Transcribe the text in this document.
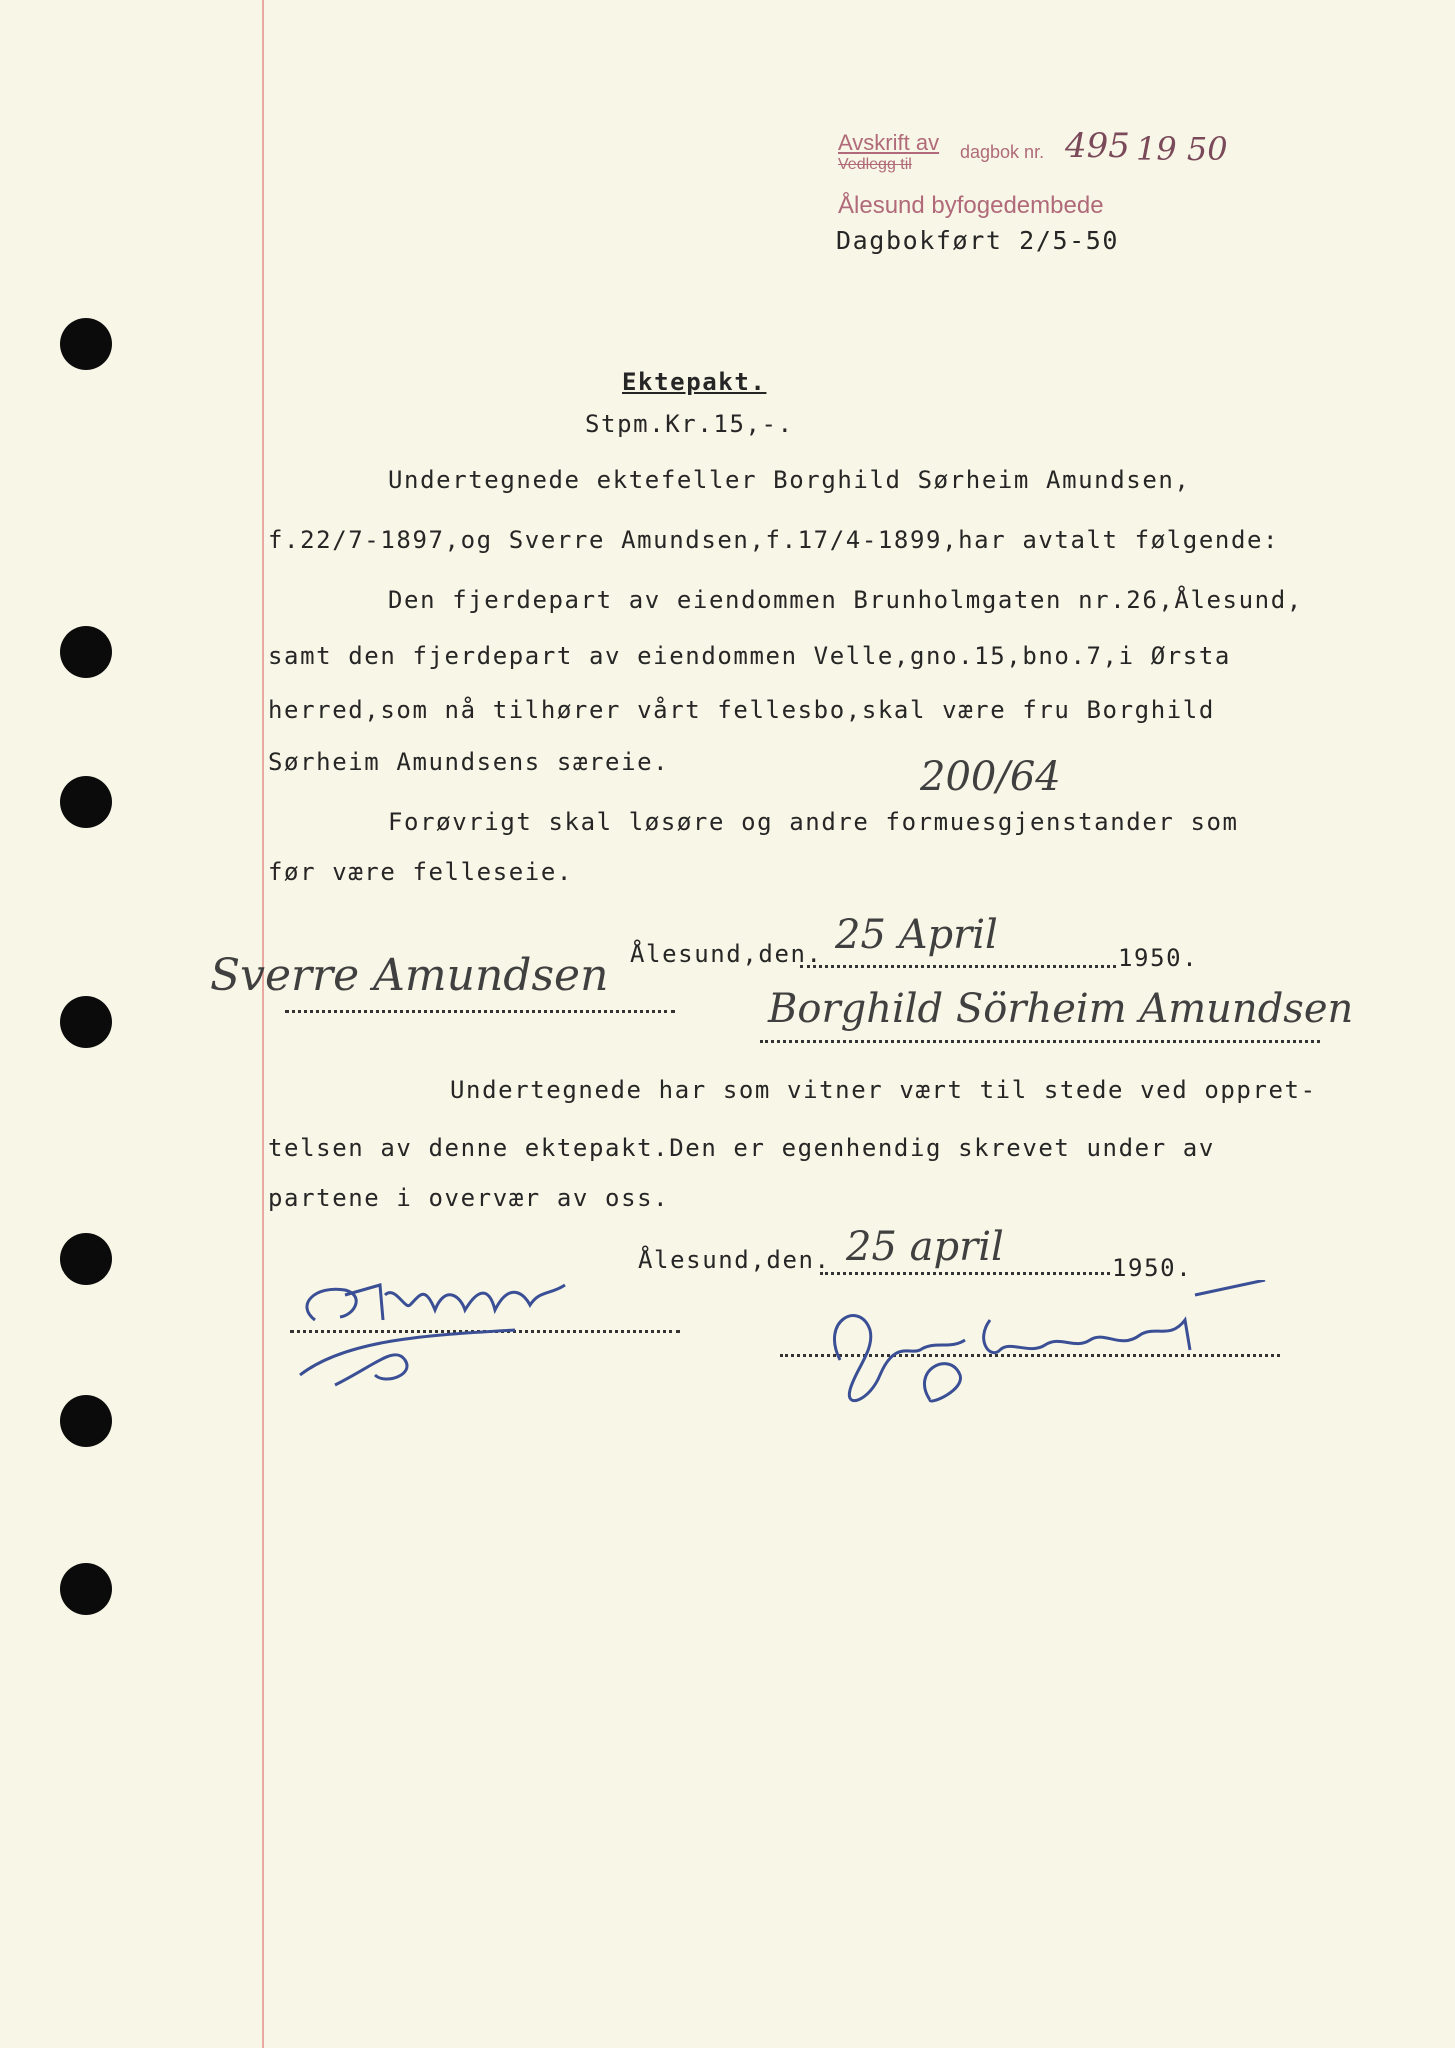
Avskrift av
Vedlegg til
dagbok nr. 495 19 50
Ålesund byfogedembede
Dagbokført 2/5-50
Ektepakt.
Stpm.Kr.15,-.
Undertegnede ektefeller Borghild Sørheim Amundsen,
f.22/7-1897,og Sverre Amundsen,f.17/4-1899,har avtalt følgende:
Den fjerdepart av eiendommen Brunholmgaten nr.26,Ålesund,
samt den fjerdepart av eiendommen Velle,gno.15,bno.7,i Ørsta
herred,som nå tilhører vårt fellesbo,skal være fru Borghild
Sørheim Amundsens særeie.
Forøvrigt skal løsøre og andre formuesgjenstander som
før være felleseie.
200/64
Ålesund,den. 25 April	1950.
Sverre Amundsen
Borghild Sörheim Amundsen
Undertegnede har som vitner vært til stede ved oppret-
telsen av denne ektepakt.Den er egenhendig skrevet under av
partene i overvær av oss.
Ålesund,den. 25 april	1950.
